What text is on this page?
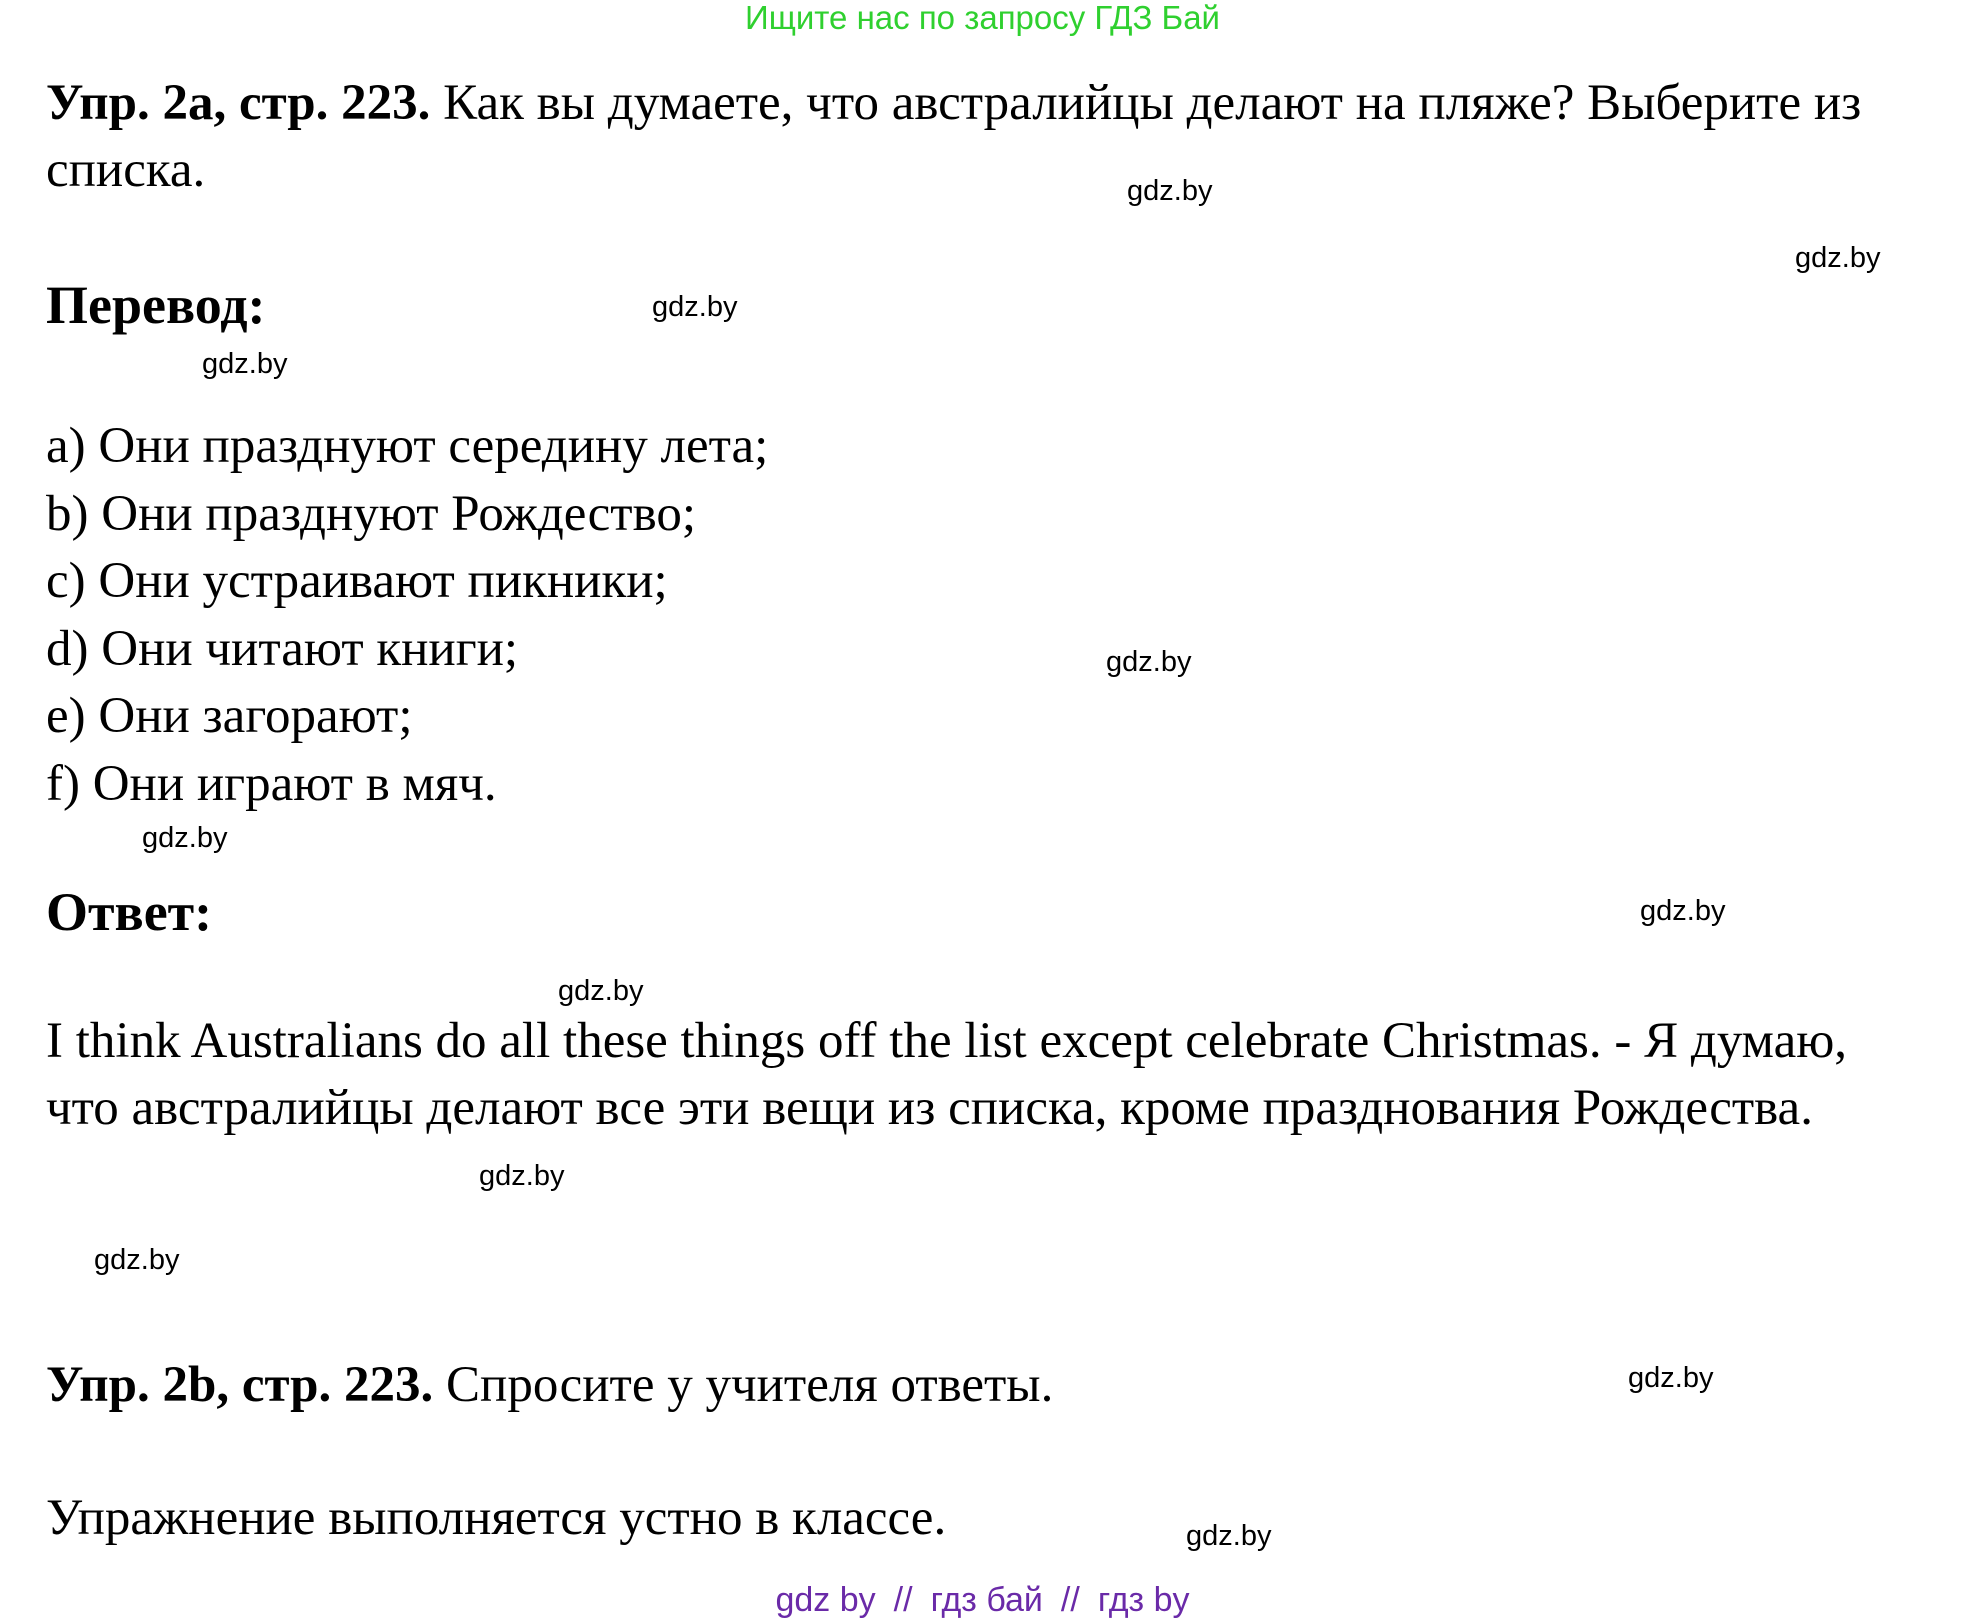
Ищите нас по запросу ГДЗ Бай

Упр. 2a, стр. 223. Как вы думаете, что австралийцы делают на пляже? Выберите из списка.

Перевод:
a) Они празднуют середину лета;
b) Они празднуют Рождество;
c) Они устраивают пикники;
d) Они читают книги;
e) Они загорают;
f) Они играют в мяч.
Ответ:

I think Australians do all these things off the list except celebrate Christmas. - Я думаю, что австралийцы делают все эти вещи из списка, кроме празднования Рождества.

Упр. 2b, стр. 223. Спросите у учителя ответы.

Упражнение выполняется устно в классе.

gdz.by
gdz.by
gdz.by
gdz.by
gdz.by
gdz.by
gdz.by
gdz.by
gdz.by
gdz.by
gdz.by
gdz.by
gdz by // гдз бай // гдз by
